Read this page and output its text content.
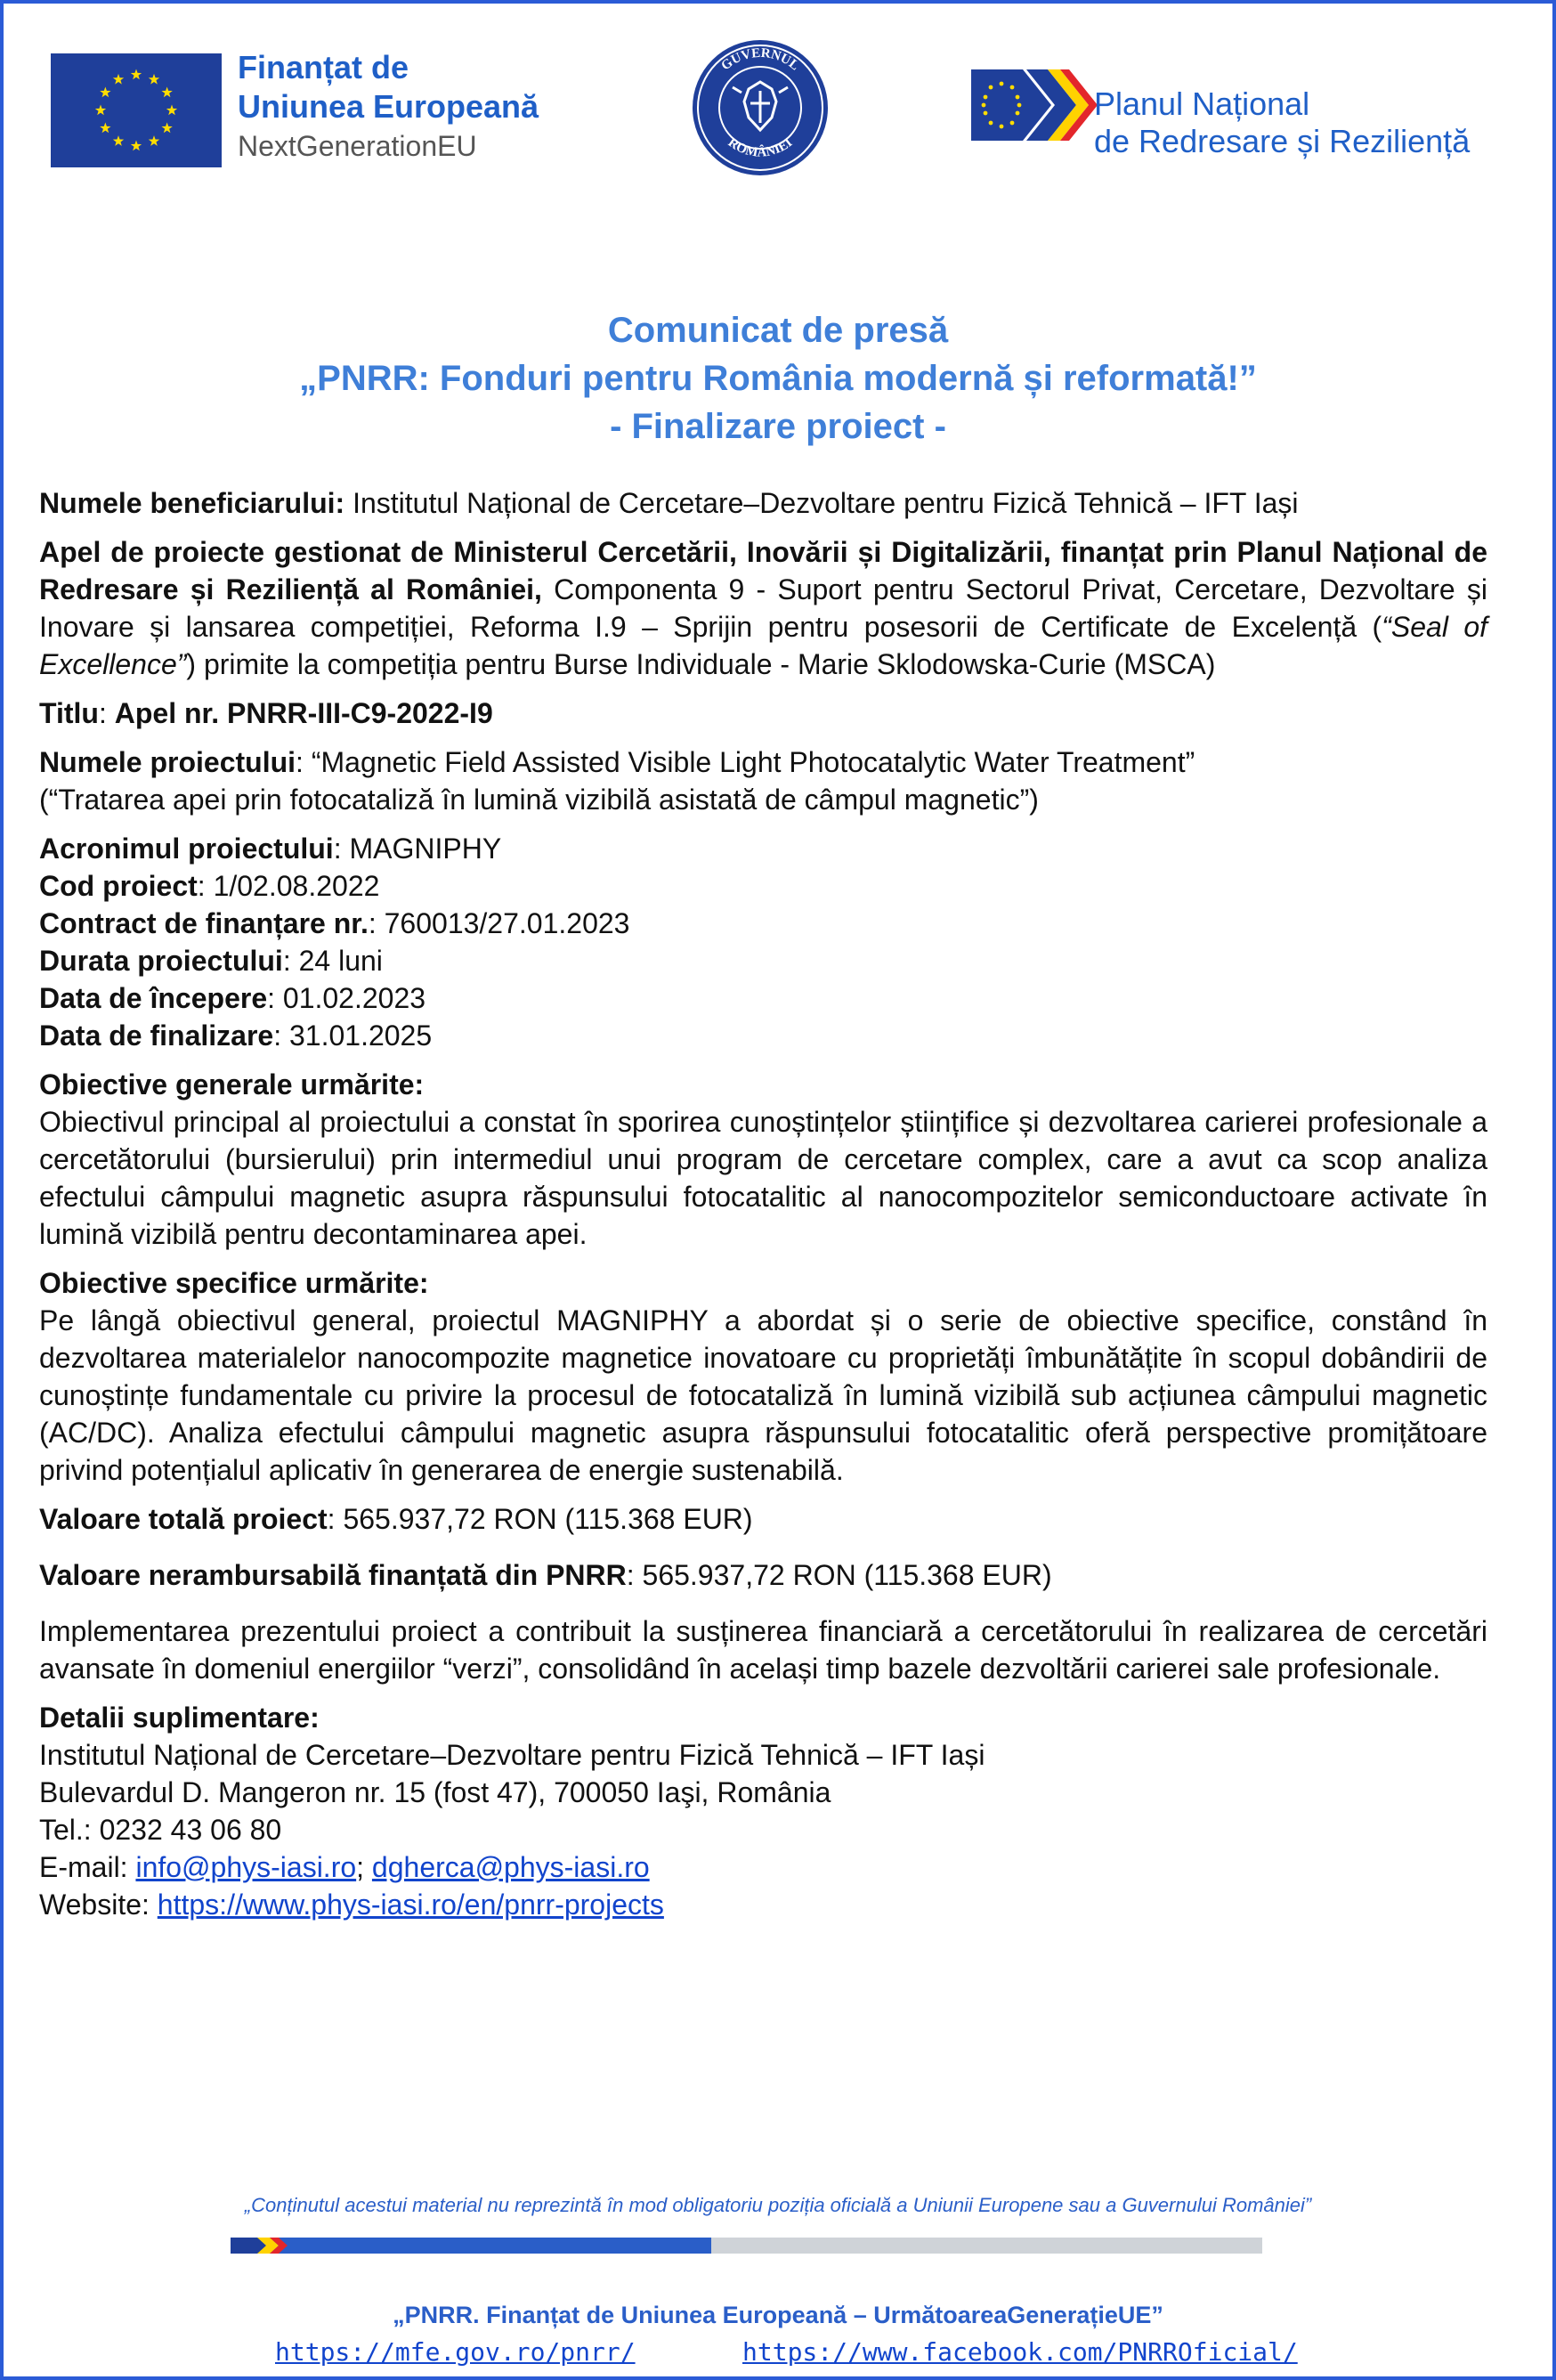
Finanțat de
Uniunea Europeană
NextGenerationEU
GUVERNUL
ROMÂNIEI
Planul Național
de Redresare și Reziliență
Comunicat de presă
„PNRR: Fonduri pentru România modernă și reformată!”
- Finalizare proiect -

Numele beneficiarului: Institutul Național de Cercetare–Dezvoltare pentru Fizică Tehnică – IFT Iași

Apel de proiecte gestionat de Ministerul Cercetării, Inovării și Digitalizării, finanțat prin Planul Național de Redresare și Reziliență al României, Componenta 9 - Suport pentru Sectorul Privat, Cercetare, Dezvoltare și Inovare și lansarea competiției, Reforma I.9 – Sprijin pentru posesorii de Certificate de Excelență (“Seal of Excellence”) primite la competiția pentru Burse Individuale - Marie Sklodowska-Curie (MSCA)

Titlu: Apel nr. PNRR-III-C9-2022-I9

Numele proiectului: “Magnetic Field Assisted Visible Light Photocatalytic Water Treatment”
(“Tratarea apei prin fotocataliză în lumină vizibilă asistată de câmpul magnetic”)

Acronimul proiectului: MAGNIPHY
Cod proiect: 1/02.08.2022
Contract de finanțare nr.: 760013/27.01.2023
Durata proiectului: 24 luni
Data de începere: 01.02.2023
Data de finalizare: 31.01.2025
Obiective generale urmărite:
Obiectivul principal al proiectului a constat în sporirea cunoștințelor științifice și dezvoltarea carierei profesionale a cercetătorului (bursierului) prin intermediul unui program de cercetare complex, care a avut ca scop analiza efectului câmpului magnetic asupra răspunsului fotocatalitic al nanocompozitelor semiconductoare activate în lumină vizibilă pentru decontaminarea apei.
Obiective specifice urmărite:
Pe lângă obiectivul general, proiectul MAGNIPHY a abordat și o serie de obiective specifice, constând în dezvoltarea materialelor nanocompozite magnetice inovatoare cu proprietăți îmbunătățite în scopul dobândirii de cunoștințe fundamentale cu privire la procesul de fotocataliză în lumină vizibilă sub acțiunea câmpului magnetic (AC/DC). Analiza efectului câmpului magnetic asupra răspunsului fotocatalitic oferă perspective promițătoare privind potențialul aplicativ în generarea de energie sustenabilă.

Valoare totală proiect: 565.937,72 RON (115.368 EUR)

Valoare nerambursabilă finanțată din PNRR: 565.937,72 RON (115.368 EUR)

Implementarea prezentului proiect a contribuit la susținerea financiară a cercetătorului în realizarea de cercetări avansate în domeniul energiilor “verzi”, consolidând în același timp bazele dezvoltării carierei sale profesionale.

Detalii suplimentare:
Institutul Național de Cercetare–Dezvoltare pentru Fizică Tehnică – IFT Iași
Bulevardul D. Mangeron nr. 15 (fost 47), 700050 Iaşi, România
Tel.: 0232 43 06 80
E-mail: info@phys-iasi.ro; dgherca@phys-iasi.ro
Website: https://www.phys-iasi.ro/en/pnrr-projects
„Conținutul acestui material nu reprezintă în mod obligatoriu poziția oficială a Uniunii Europene sau a Guvernului României”
„PNRR. Finanțat de Uniunea Europeană – UrmătoareaGenerațieUE”
https://mfe.gov.ro/pnrr/	https://www.facebook.com/PNRROficial/
